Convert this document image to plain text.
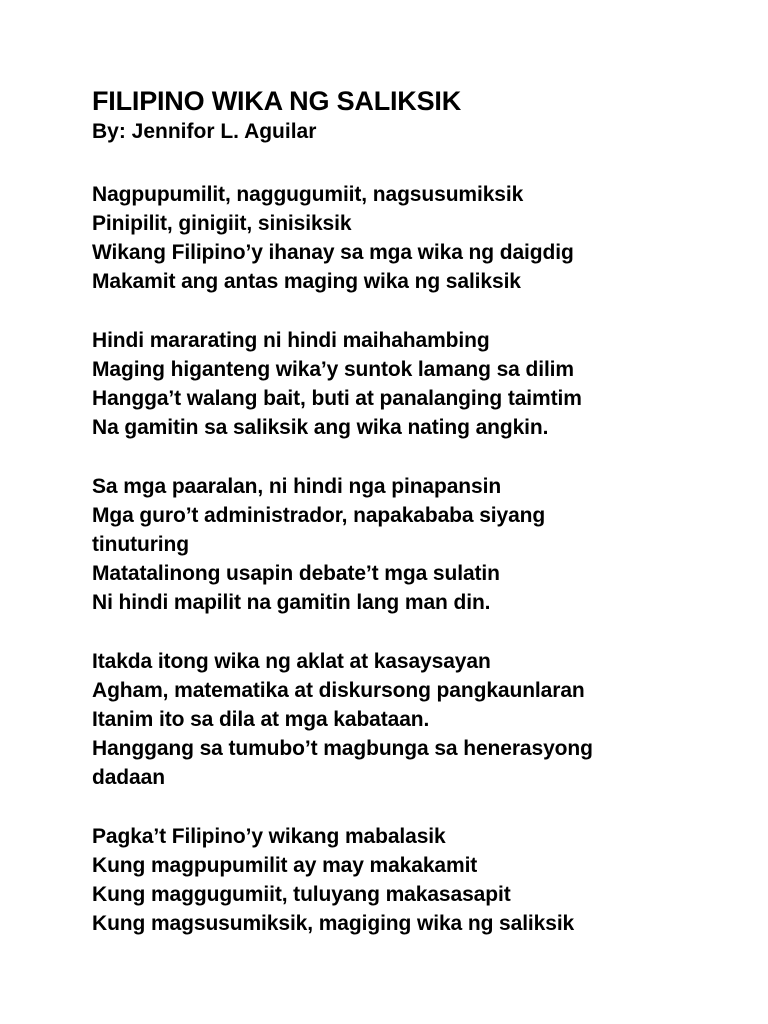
FILIPINO WIKA NG SALIKSIK

By: Jennifor L. Aguilar

Nagpupumilit, naggugumiit, nagsusumiksik
Pinipilit, ginigiit, sinisiksik
Wikang Filipino’y ihanay sa mga wika ng daigdig
Makamit ang antas maging wika ng saliksik
Hindi mararating ni hindi maihahambing
Maging higanteng wika’y suntok lamang sa dilim
Hangga’t walang bait, buti at panalanging taimtim
Na gamitin sa saliksik ang wika nating angkin.
Sa mga paaralan, ni hindi nga pinapansin
Mga guro’t administrador, napakababa siyang
tinuturing
Matatalinong usapin debate’t mga sulatin
Ni hindi mapilit na gamitin lang man din.
Itakda itong wika ng aklat at kasaysayan
Agham, matematika at diskursong pangkaunlaran
Itanim ito sa dila at mga kabataan.
Hanggang sa tumubo’t magbunga sa henerasyong
dadaan
Pagka’t Filipino’y wikang mabalasik
Kung magpupumilit ay may makakamit
Kung maggugumiit, tuluyang makasasapit
Kung magsusumiksik, magiging wika ng saliksik
